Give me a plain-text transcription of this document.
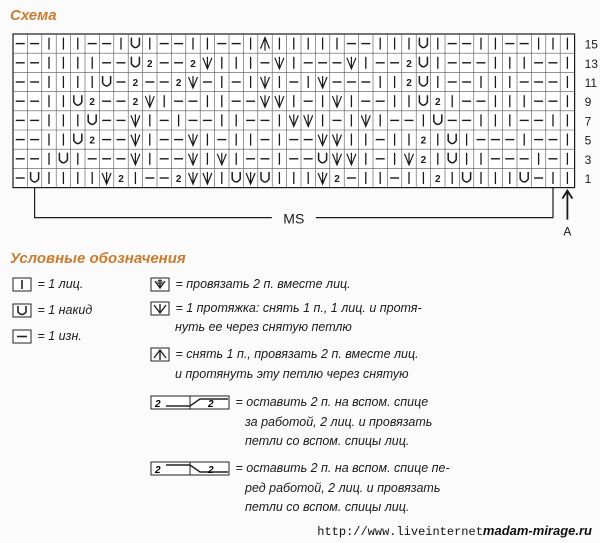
Схема
2	2	2
2	2	2
2	2	2
2	2
2
2	2	2	2
15
13
11
9
7
5
3
1
MS
A
Условные обозначения
= 1 лиц.
= 1 накид
= 1 изн.
= провязать 2 п. вместе лиц.
= 1 протяжка: снять 1 п., 1 лиц. и протя-
нуть ее через снятую петлю
= снять 1 п., провязать 2 п. вместе лиц.
и протянуть эту петлю через снятую
2	2 = оставить 2 п. на вспом. спице
за работой, 2 лиц. и провязать
петли со вспом. спицы лиц.
2	2 = оставить 2 п. на вспом. спице пе-
ред работой, 2 лиц. и провязать
петли со вспом. спицы лиц.
http://www.liveinternetmadam-mirage.ru
